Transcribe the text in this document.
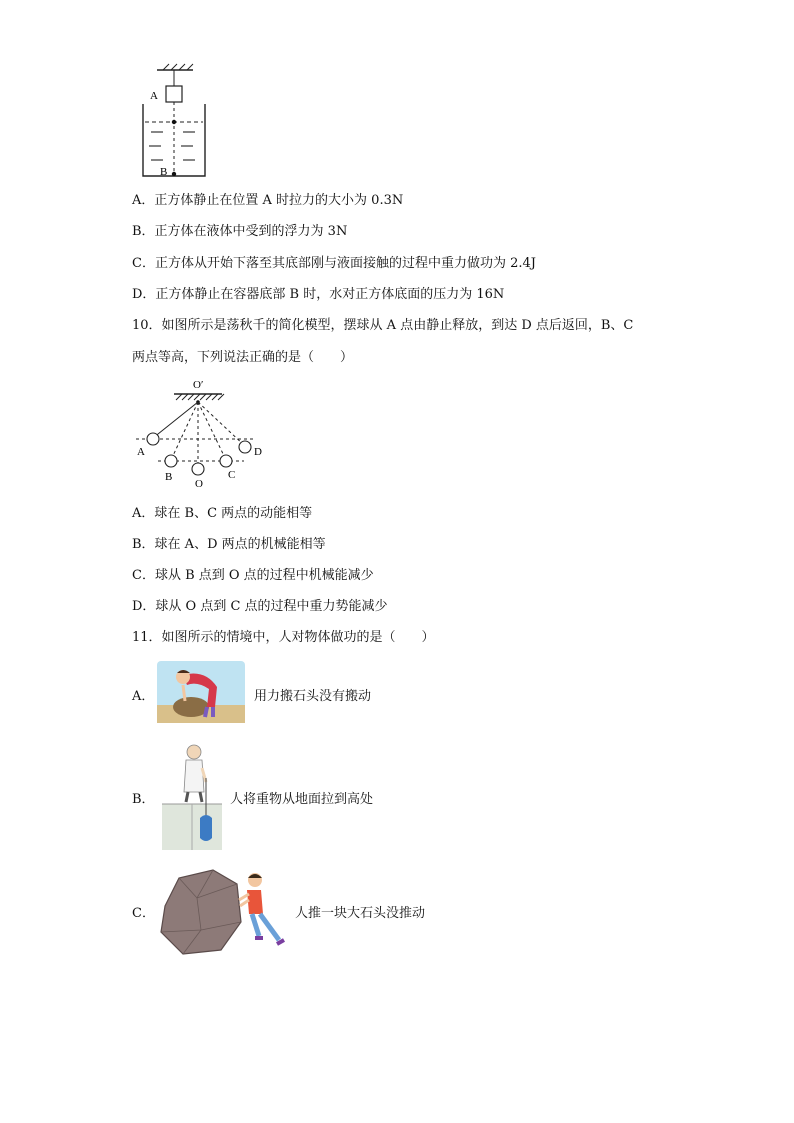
A
B
A．正方体静止在位置 A 时拉力的大小为 0.3N
B．正方体在液体中受到的浮力为 3N
C．正方体从开始下落至其底部刚与液面接触的过程中重力做功为 2.4J
D．正方体静止在容器底部 B 时，水对正方体底面的压力为 16N
10．如图所示是荡秋千的简化模型，摆球从 A 点由静止释放，到达 D 点后返回，B、C
两点等高，下列说法正确的是（　　）
O′
A
B
O
C
D
A．球在 B、C 两点的动能相等
B．球在 A、D 两点的机械能相等
C．球从 B 点到 O 点的过程中机械能减少
D．球从 O 点到 C 点的过程中重力势能减少
11．如图所示的情境中，人对物体做功的是（　　）
A．	用力搬石头没有搬动
B．	人将重物从地面拉到高处
C．	人推一块大石头没推动
